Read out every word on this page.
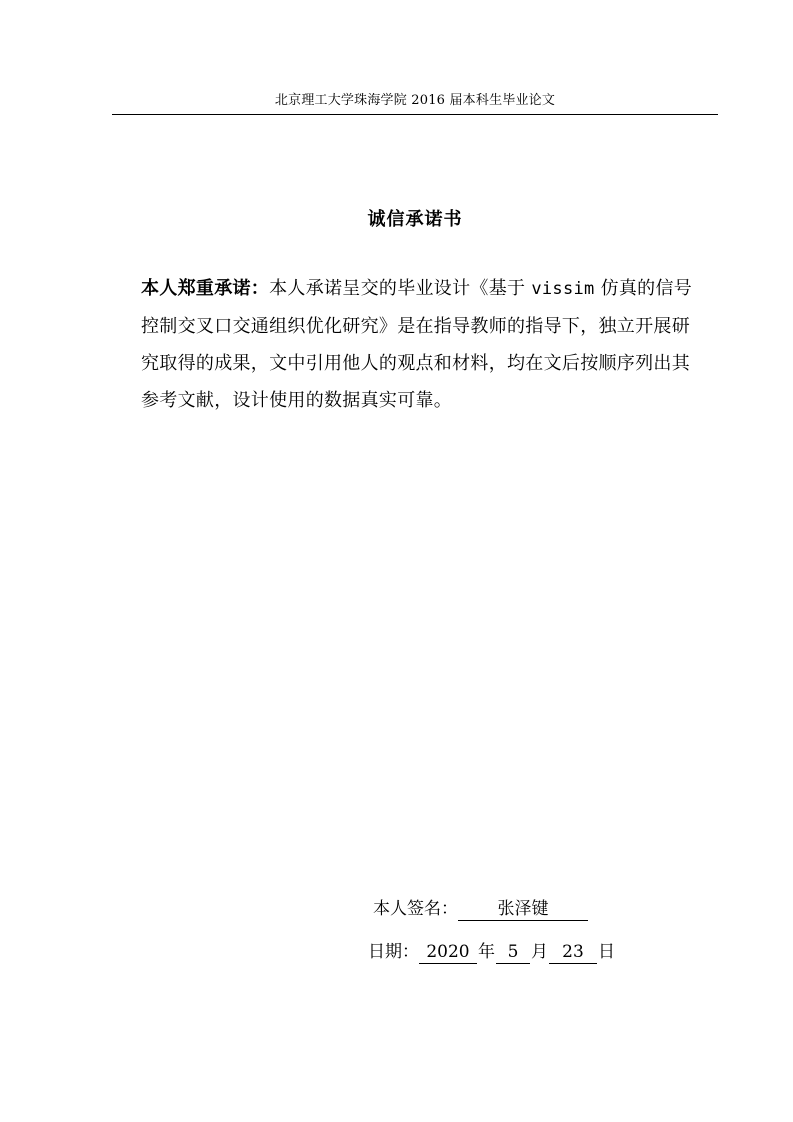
北京理工大学珠海学院 2016 届本科生毕业论文
诚信承诺书
本人郑重承诺：本人承诺呈交的毕业设计《基于 vissim 仿真的信号控制交叉口交通组织优化研究》是在指导教师的指导下，独立开展研究取得的成果，文中引用他人的观点和材料，均在文后按顺序列出其参考文献，设计使用的数据真实可靠。
本人签名： 张泽键
日期： 2020 年 5 月 23 日
